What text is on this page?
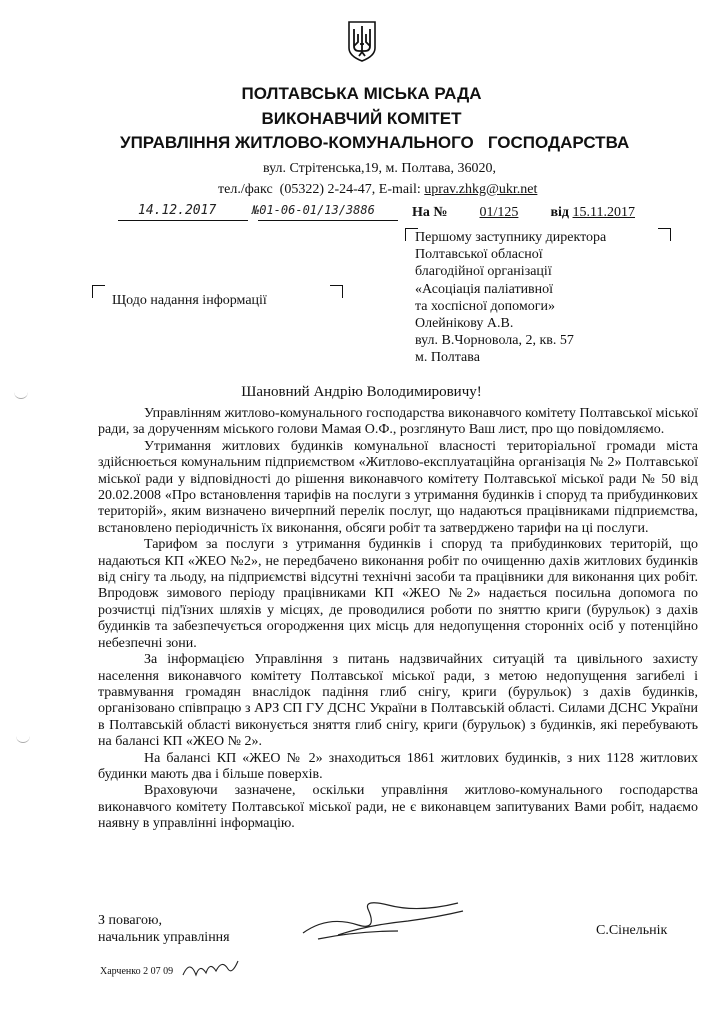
ПОЛТАВСЬКА МІСЬКА РАДА
ВИКОНАВЧИЙ КОМІТЕТ
УПРАВЛІННЯ ЖИТЛОВО-КОМУНАЛЬНОГО   ГОСПОДАРСТВА
вул. Стрітенська,19, м. Полтава, 36020,
тел./факс  (05322) 2-24-47, E-mail: uprav.zhkg@ukr.net
14.12.2017	№01-06-01/13/3886	На № 01/125 від 15.11.2017
Першому заступнику директора
Полтавської обласної
благодійної організації
«Асоціація паліативної
та хоспісної допомоги»
Олейнікову А.В.
вул. В.Чорновола, 2, кв. 57
м. Полтава
Щодо надання інформації
Шановний Андрію Володимировичу!

Управлінням житлово-комунального господарства виконавчого комітету Полтавської міської ради, за дорученням міського голови Мамая О.Ф., розглянуто Ваш лист, про що повідомляємо.

Утримання житлових будинків комунальної власності територіальної громади міста здійснюється комунальним підприємством «Житлово-експлуатаційна організація № 2» Полтавської міської ради у відповідності до рішення виконавчого комітету Полтавської міської ради № 50 від 20.02.2008 «Про встановлення тарифів на послуги з утримання будинків і споруд та прибудинкових територій», яким визначено вичерпний перелік послуг, що надаються працівниками підприємства, встановлено періодичність їх виконання, обсяги робіт та затверджено тарифи на ці послуги.

Тарифом за послуги з утримання будинків і споруд та прибудинкових територій, що надаються КП «ЖЕО №2», не передбачено виконання робіт по очищенню дахів житлових будинків від снігу та льоду, на підприємстві відсутні технічні засоби та працівники для виконання цих робіт. Впродовж зимового періоду працівниками КП «ЖЕО №2» надається посильна допомога по розчистці під'їзних шляхів у місцях, де проводилися роботи по зняттю криги (бурульок) з дахів будинків та забезпечується огородження цих місць для недопущення сторонніх осіб у потенційно небезпечні зони.

За інформацією Управління з питань надзвичайних ситуацій та цивільного захисту населення виконавчого комітету Полтавської міської ради, з метою недопущення загибелі і травмування громадян внаслідок падіння глиб снігу, криги (бурульок) з дахів будинків, організовано співпрацю з АРЗ СП ГУ ДСНС України в Полтавській області. Силами ДСНС України в Полтавській області виконується зняття глиб снігу, криги (бурульок) з будинків, які перебувають на балансі КП «ЖЕО № 2».

На балансі КП «ЖЕО № 2» знаходиться 1861 житлових будинків, з них 1128 житлових будинки мають два і більше поверхів.

Враховуючи зазначене, оскільки управління житлово-комунального господарства виконавчого комітету Полтавської міської ради, не є виконавцем запитуваних Вами робіт, надаємо наявну в управлінні інформацію.

З повагою,
начальник управління	С.Сінельнік
Харченко 2 07 09
